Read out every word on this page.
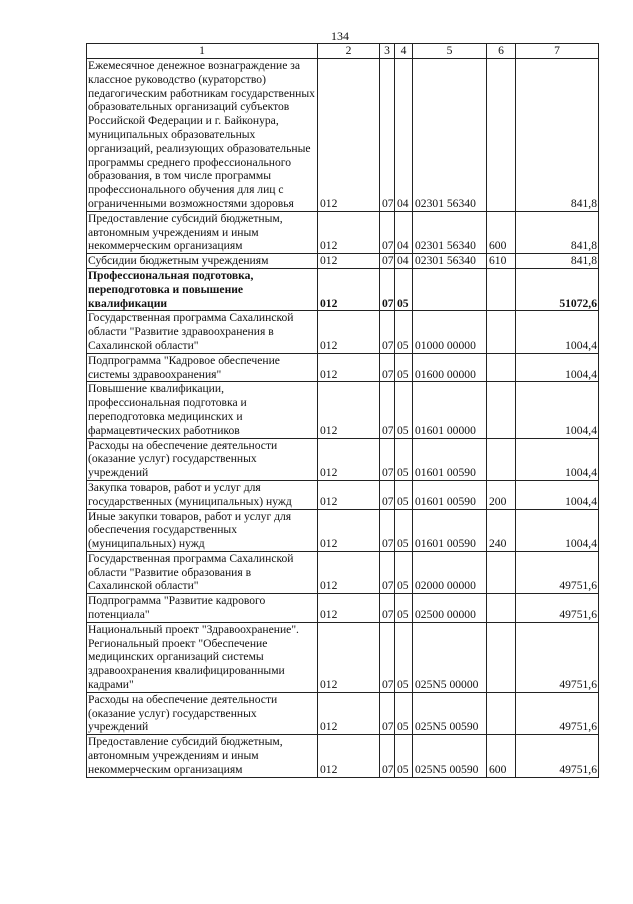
134
1	2	3	4	5	6	7
Ежемесячное денежное вознаграждение за классное руководство (кураторство) педагогическим работникам государственных образовательных организаций субъектов Российской Федерации и г. Байконура, муниципальных образовательных организаций, реализующих образовательные программы среднего профессионального образования, в том числе программы профессионального обучения для лиц с ограниченными возможностями здоровья	012	07	04	02301 56340		841,8
Предоставление субсидий бюджетным, автономным учреждениям и иным некоммерческим организациям	012	07	04	02301 56340	600	841,8
Субсидии бюджетным учреждениям	012	07	04	02301 56340	610	841,8
Профессиональная подготовка, переподготовка и повышение квалификации	012	07	05			51072,6
Государственная программа Сахалинской области "Развитие здравоохранения в Сахалинской области"	012	07	05	01000 00000		1004,4
Подпрограмма "Кадровое обеспечение системы здравоохранения"	012	07	05	01600 00000		1004,4
Повышение квалификации, профессиональная подготовка и переподготовка медицинских и фармацевтических работников	012	07	05	01601 00000		1004,4
Расходы на обеспечение деятельности (оказание услуг) государственных учреждений	012	07	05	01601 00590		1004,4
Закупка товаров, работ и услуг для государственных (муниципальных) нужд	012	07	05	01601 00590	200	1004,4
Иные закупки товаров, работ и услуг для обеспечения государственных (муниципальных) нужд	012	07	05	01601 00590	240	1004,4
Государственная программа Сахалинской области "Развитие образования в Сахалинской области"	012	07	05	02000 00000		49751,6
Подпрограмма "Развитие кадрового потенциала"	012	07	05	02500 00000		49751,6
Национальный проект "Здравоохранение". Региональный проект "Обеспечение медицинских организаций системы здравоохранения квалифицированными кадрами"	012	07	05	025N5 00000		49751,6
Расходы на обеспечение деятельности (оказание услуг) государственных учреждений	012	07	05	025N5 00590		49751,6
Предоставление субсидий бюджетным, автономным учреждениям и иным некоммерческим организациям	012	07	05	025N5 00590	600	49751,6
